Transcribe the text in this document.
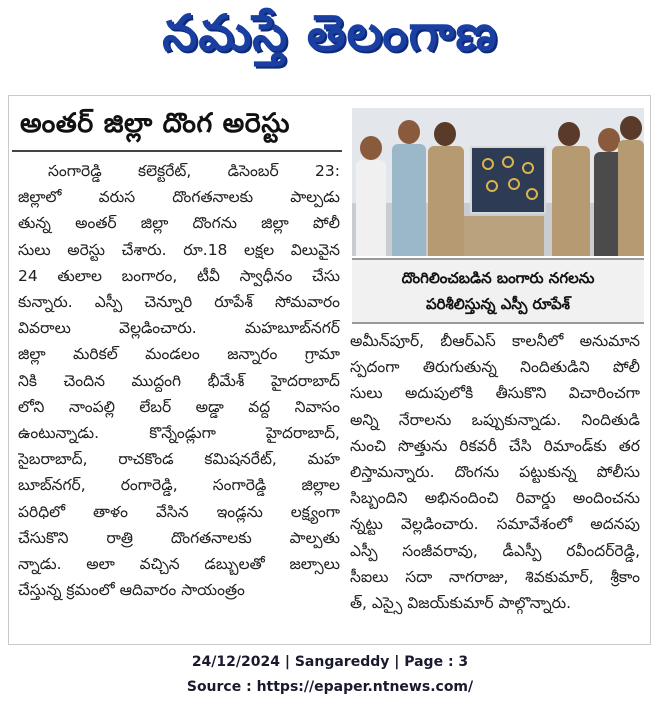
నమస్తే తెలంగాణ
అంతర్ జిల్లా దొంగ అరెస్టు
సంగారెడ్డి కలెక్టరేట్, డిసెంబర్ 23:
జిల్లాలో వరుస దొంగతనాలకు పాల్పడు
తున్న అంతర్ జిల్లా దొంగను జిల్లా పోలీ
సులు అరెస్టు చేశారు. రూ.18 లక్షల విలువైన
24 తులాల బంగారం, టీవీ స్వాధీనం చేసు
కున్నారు. ఎస్పీ చెన్నూరి రూపేశ్ సోమవారం
వివరాలు వెల్లడించారు. మహబూబ్‌నగర్
జిల్లా మరికల్ మండలం జన్నారం గ్రామా
నికి చెందిన ముద్దంగి భీమేశ్ హైదరాబాద్
లోని నాంపల్లి లేబర్ అడ్డా వద్ద నివాసం
ఉంటున్నాడు. కొన్నేండ్లుగా హైదరాబాద్,
సైబరాబాద్, రాచకొండ కమిషనరేట్, మహ
బూబ్‌నగర్, రంగారెడ్డి, సంగారెడ్డి జిల్లాల
పరిధిలో తాళం వేసిన ఇండ్లను లక్ష్యంగా
చేసుకొని రాత్రి దొంగతనాలకు పాల్పతు
న్నాడు. అలా వచ్చిన డబ్బులతో జల్సాలు
చేస్తున్న క్రమంలో ఆదివారం సాయంత్రం
దొంగిలించబడిన బంగారు నగలను
పరిశీలిస్తున్న ఎస్పీ రూపేశ్
అమీన్‌పూర్, బీఆర్‌ఎస్ కాలనీలో అనుమాన
స్పదంగా తిరుగుతున్న నిందితుడిని పోలీ
సులు అదుపులోకి తీసుకొని విచారించగా
అన్ని నేరాలను ఒప్పుకున్నాడు. నిందితుడి
నుంచి సొత్తును రికవరీ చేసి రిమాండ్‌కు తర
లిస్తామన్నారు. దొంగను పట్టుకున్న పోలీసు
సిబ్బందిని అభినందించి రివార్డు అందించను
న్నట్టు వెల్లడించారు. సమావేశంలో అదనపు
ఎస్పీ సంజీవరావు, డీఎస్పీ రవీందర్‌రెడ్డి,
సీఐలు సదా నాగరాజు, శివకుమార్, శ్రీకాం
త్, ఎస్సై విజయ్‌కుమార్ పాల్గొన్నారు.
24/12/2024 | Sangareddy | Page : 3
Source : https://epaper.ntnews.com/
